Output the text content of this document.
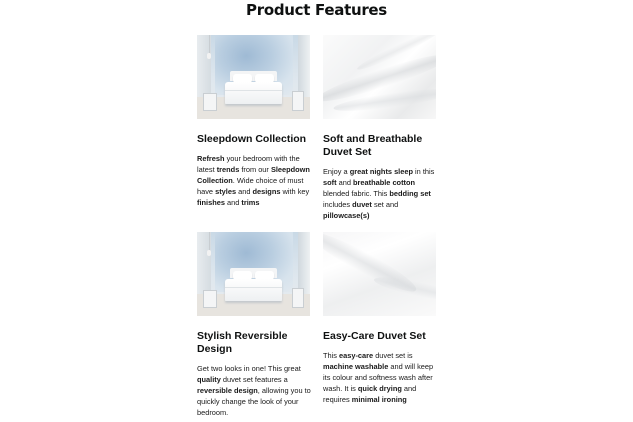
Product Features
Sleepdown Collection
Refresh your bedroom with the latest trends from our Sleepdown Collection. Wide choice of must have styles and designs with key finishes and trims
Soft and Breathable Duvet Set
Enjoy a great nights sleep in this soft and breathable cotton blended fabric. This bedding set includes duvet set and pillowcase(s)
Stylish Reversible Design
Get two looks in one! This great quality duvet set features a reversible design, allowing you to quickly change the look of your bedroom.
Easy-Care Duvet Set
This easy-care duvet set is machine washable and will keep its colour and softness wash after wash. It is quick drying and requires minimal ironing
